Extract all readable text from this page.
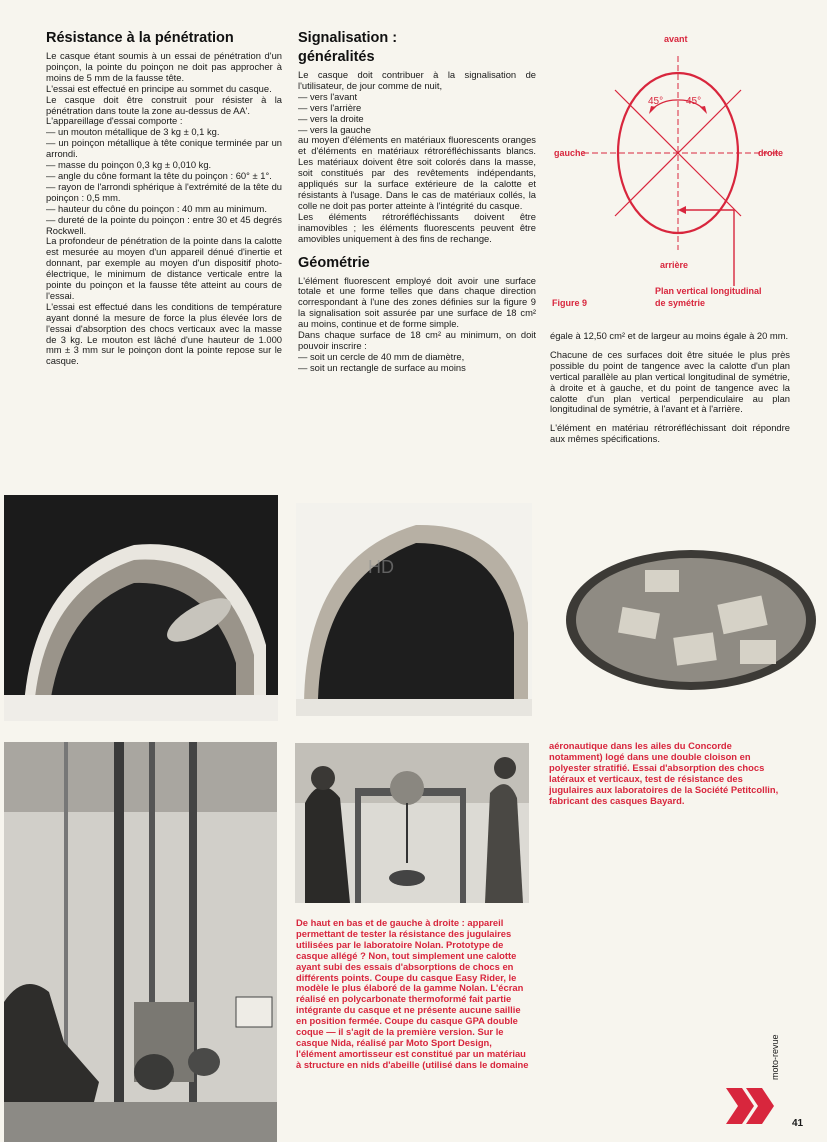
Résistance à la pénétration

Le casque étant soumis à un essai de pénétration d'un poinçon, la pointe du poinçon ne doit pas approcher à moins de 5 mm de la fausse tête.

L'essai est effectué en principe au sommet du casque.

Le casque doit être construit pour résister à la pénétration dans toute la zone au-dessus de AA'.

L'appareillage d'essai comporte :

— un mouton métallique de 3 kg ± 0,1 kg.

— un poinçon métallique à tête conique terminée par un arrondi.

— masse du poinçon 0,3 kg ± 0,010 kg.

— angle du cône formant la tête du poinçon : 60° ± 1°.

— rayon de l'arrondi sphérique à l'extrémité de la tête du poinçon : 0,5 mm.

— hauteur du cône du poinçon : 40 mm au minimum.

— dureté de la pointe du poinçon : entre 30 et 45 degrés Rockwell.

La profondeur de pénétration de la pointe dans la calotte est mesurée au moyen d'un appareil dénué d'inertie et donnant, par exemple au moyen d'un dispositif photo-électrique, le minimum de distance verticale entre la pointe du poinçon et la fausse tête atteint au cours de l'essai.

L'essai est effectué dans les conditions de température ayant donné la mesure de force la plus élevée lors de l'essai d'absorption des chocs verticaux avec la masse de 3 kg. Le mouton est lâché d'une hauteur de 1.000 mm ± 3 mm sur le poinçon dont la pointe repose sur le casque.

Signalisation :
généralités

Le casque doit contribuer à la signalisation de l'utilisateur, de jour comme de nuit,

— vers l'avant

— vers l'arrière

— vers la droite

— vers la gauche

au moyen d'éléments en matériaux fluorescents oranges et d'éléments en matériaux rétroréfléchissants blancs. Les matériaux doivent être soit colorés dans la masse, soit constitués par des revêtements indépendants, appliqués sur la surface extérieure de la calotte et résistants à l'usage. Dans le cas de matériaux collés, la colle ne doit pas porter atteinte à l'intégrité du casque.

Les éléments rétroréfléchissants doivent être inamovibles ; les éléments fluorescents peuvent être amovibles uniquement à des fins de rechange.

Géométrie

L'élément fluorescent employé doit avoir une surface totale et une forme telles que dans chaque direction correspondant à l'une des zones définies sur la figure 9 la signalisation soit assurée par une surface de 18 cm² au moins, continue et de forme simple.

Dans chaque surface de 18 cm² au minimum, on doit pouvoir inscrire :

— soit un cercle de 40 mm de diamètre,

— soit un rectangle de surface au moins

avant
45° 45°
gauche	droite
arrière
Plan vertical longitudinal
de symétrie
Figure 9

égale à 12,50 cm² et de largeur au moins égale à 20 mm.

Chacune de ces surfaces doit être située le plus près possible du point de tangence avec la calotte d'un plan vertical parallèle au plan vertical longitudinal de symétrie, à droite et à gauche, et du point de tangence avec la calotte d'un plan vertical perpendiculaire au plan longitudinal de symétrie, à l'avant et à l'arrière.

L'élément en matériau rétroréfléchissant doit répondre aux mêmes spécifications.

HD
aéronautique dans les ailes du Concorde notamment) logé dans une double cloison en polyester stratifié. Essai d'absorption des chocs latéraux et verticaux, test de résistance des jugulaires aux laboratoires de la Société Petitcollin, fabricant des casques Bayard.
De haut en bas et de gauche à droite : appareil permettant de tester la résistance des jugulaires utilisées par le laboratoire Nolan. Prototype de casque allégé ? Non, tout simplement une calotte ayant subi des essais d'absorptions de chocs en différents points. Coupe du casque Easy Rider, le modèle le plus élaboré de la gamme Nolan. L'écran réalisé en polycarbonate thermoformé fait partie intégrante du casque et ne présente aucune saillie en position fermée. Coupe du casque GPA double coque — il s'agit de la première version. Sur le casque Nida, réalisé par Moto Sport Design, l'élément amortisseur est constitué par un matériau à structure en nids d'abeille (utilisé dans le domaine	moto-revue
41
